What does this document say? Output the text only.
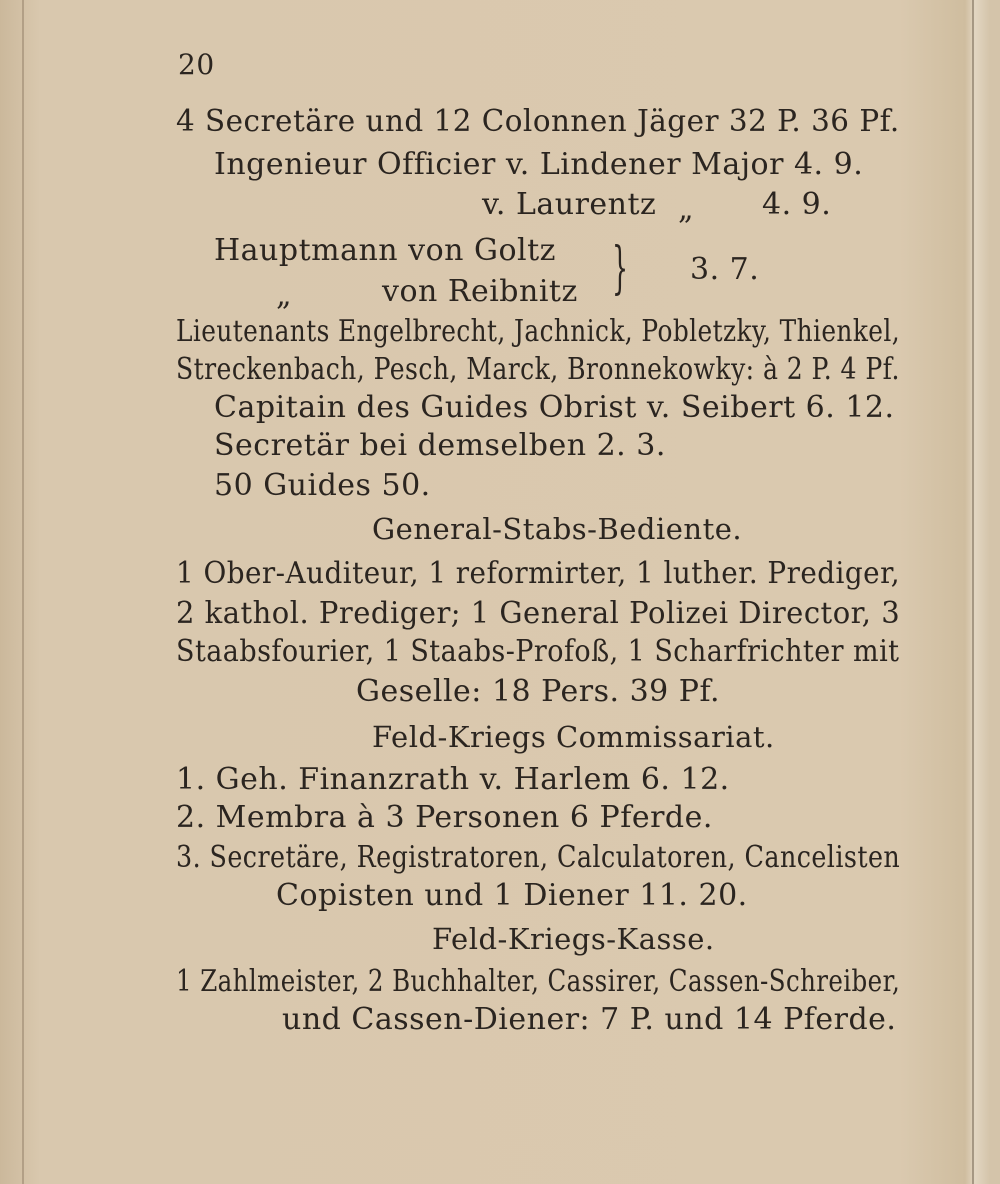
20
4 Secretäre und 12 Colonnen Jäger 32 P. 36 Pf.
Ingenieur Officier v. Lindener Major 4. 9.
v. Laurentz „ 4. 9.
Hauptmann von Goltz
„	von Reibnitz } 3. 7.
Lieutenants Engelbrecht, Jachnick, Pobletzky, Thienkel,
Streckenbach, Pesch, Marck, Bronnekowky: à 2 P. 4 Pf.
Capitain des Guides Obrist v. Seibert 6. 12.
Secretär bei demselben 2. 3.
50 Guides 50.
General-Stabs-Bediente.
1 Ober-Auditeur, 1 reformirter, 1 luther. Prediger,
2 kathol. Prediger; 1 General Polizei Director, 3
Staabsfourier, 1 Staabs-Profoß, 1 Scharfrichter mit
Geselle: 18 Pers. 39 Pf.
Feld-Kriegs Commissariat.
1. Geh. Finanzrath v. Harlem 6. 12.
2. Membra à 3 Personen 6 Pferde.
3. Secretäre, Registratoren, Calculatoren, Cancelisten
Copisten und 1 Diener 11. 20.
Feld-Kriegs-Kasse.
1 Zahlmeister, 2 Buchhalter, Cassirer, Cassen-Schreiber,
und Cassen-Diener: 7 P. und 14 Pferde.
